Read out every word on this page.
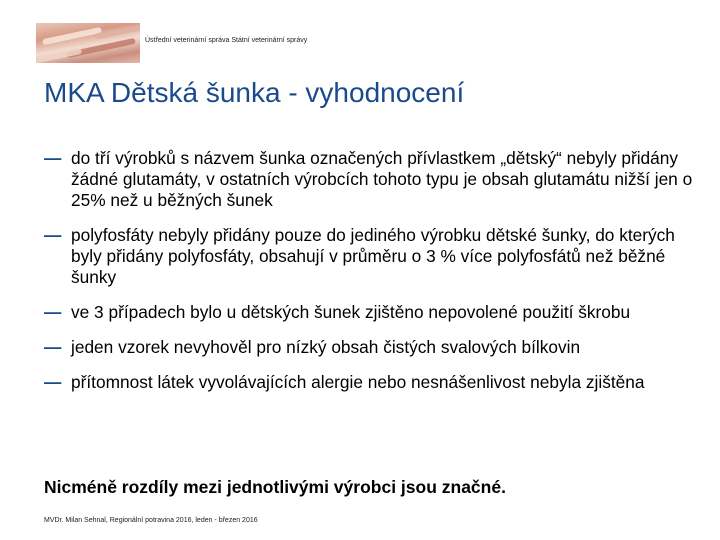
Ústřední veterinární správa Státní veterinární správy
MKA Dětská šunka - vyhodnocení
— do tří výrobků s názvem šunka označených přívlastkem „dětský“ nebyly přidány žádné glutamáty, v ostatních výrobcích tohoto typu je obsah glutamátu nižší jen o 25% než u běžných šunek
— polyfosfáty nebyly přidány pouze do jediného výrobku dětské šunky, do kterých byly přidány polyfosfáty, obsahují v průměru o 3 % více polyfosfátů než běžné šunky
— ve 3 případech bylo u dětských šunek zjištěno nepovolené použití škrobu
— jeden vzorek nevyhověl pro nízký obsah čistých svalových bílkovin
— přítomnost látek vyvolávajících alergie nebo nesnášenlivost nebyla zjištěna

Nicméně rozdíly mezi jednotlivými výrobci jsou značné.

MVDr. Milan Sehnal, Regionální potravina 2016, leden - březen 2016
